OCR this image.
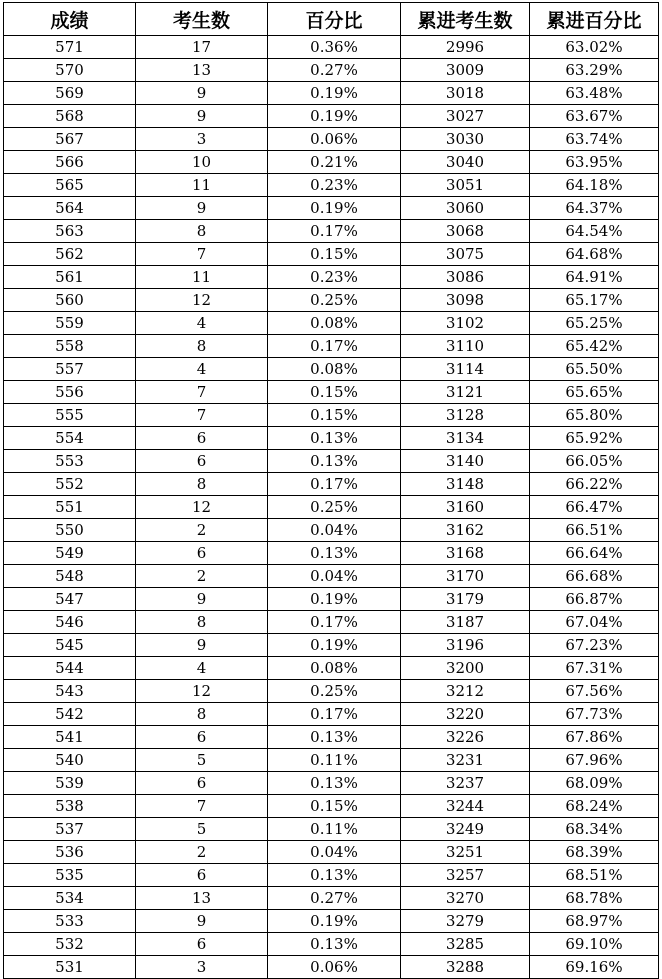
成绩	考生数	百分比	累进考生数	累进百分比
571	17	0.36%	2996	63.02%
570	13	0.27%	3009	63.29%
569	9	0.19%	3018	63.48%
568	9	0.19%	3027	63.67%
567	3	0.06%	3030	63.74%
566	10	0.21%	3040	63.95%
565	11	0.23%	3051	64.18%
564	9	0.19%	3060	64.37%
563	8	0.17%	3068	64.54%
562	7	0.15%	3075	64.68%
561	11	0.23%	3086	64.91%
560	12	0.25%	3098	65.17%
559	4	0.08%	3102	65.25%
558	8	0.17%	3110	65.42%
557	4	0.08%	3114	65.50%
556	7	0.15%	3121	65.65%
555	7	0.15%	3128	65.80%
554	6	0.13%	3134	65.92%
553	6	0.13%	3140	66.05%
552	8	0.17%	3148	66.22%
551	12	0.25%	3160	66.47%
550	2	0.04%	3162	66.51%
549	6	0.13%	3168	66.64%
548	2	0.04%	3170	66.68%
547	9	0.19%	3179	66.87%
546	8	0.17%	3187	67.04%
545	9	0.19%	3196	67.23%
544	4	0.08%	3200	67.31%
543	12	0.25%	3212	67.56%
542	8	0.17%	3220	67.73%
541	6	0.13%	3226	67.86%
540	5	0.11%	3231	67.96%
539	6	0.13%	3237	68.09%
538	7	0.15%	3244	68.24%
537	5	0.11%	3249	68.34%
536	2	0.04%	3251	68.39%
535	6	0.13%	3257	68.51%
534	13	0.27%	3270	68.78%
533	9	0.19%	3279	68.97%
532	6	0.13%	3285	69.10%
531	3	0.06%	3288	69.16%
